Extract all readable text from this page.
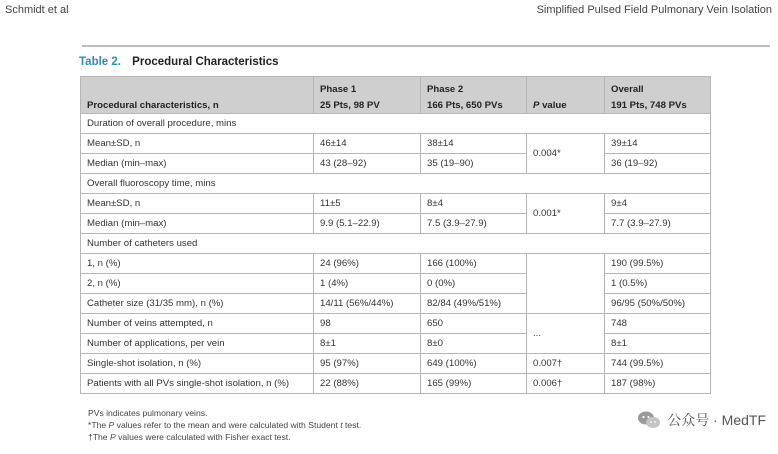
Schmidt et al	Simplified Pulsed Field Pulmonary Vein Isolation
Table 2. Procedural Characteristics
	Phase 1	Phase 2		Overall
Procedural characteristics, n	25 Pts, 98 PV	166 Pts, 650 PVs	P value	191 Pts, 748 PVs
Duration of overall procedure, mins				
Mean±SD, n	46±14	38±14	0.004*	39±14
Median (min–max)	43 (28–92)	35 (19–90)		36 (19–92)
Overall fluoroscopy time, mins				
Mean±SD, n	11±5	8±4	0.001*	9±4
Median (min–max)	9.9 (5.1–22.9)	7.5 (3.9–27.9)		7.7 (3.9–27.9)
Number of catheters used				
1, n (%)	24 (96%)	166 (100%)		190 (99.5%)
2, n (%)	1 (4%)	0 (0%)		1 (0.5%)
Catheter size (31/35 mm), n (%)	14/11 (56%/44%)	82/84 (49%/51%)		96/95 (50%/50%)
Number of veins attempted, n	98	650	...	748
Number of applications, per vein	8±1	8±0		8±1
Single-shot isolation, n (%)	95 (97%)	649 (100%)	0.007†	744 (99.5%)
Patients with all PVs single-shot isolation, n (%)	22 (88%)	165 (99%)	0.006†	187 (98%)
PVs indicates pulmonary veins.
*The P values refer to the mean and were calculated with Student t test.
†The P values were calculated with Fisher exact test.
公众号 · MedTF
